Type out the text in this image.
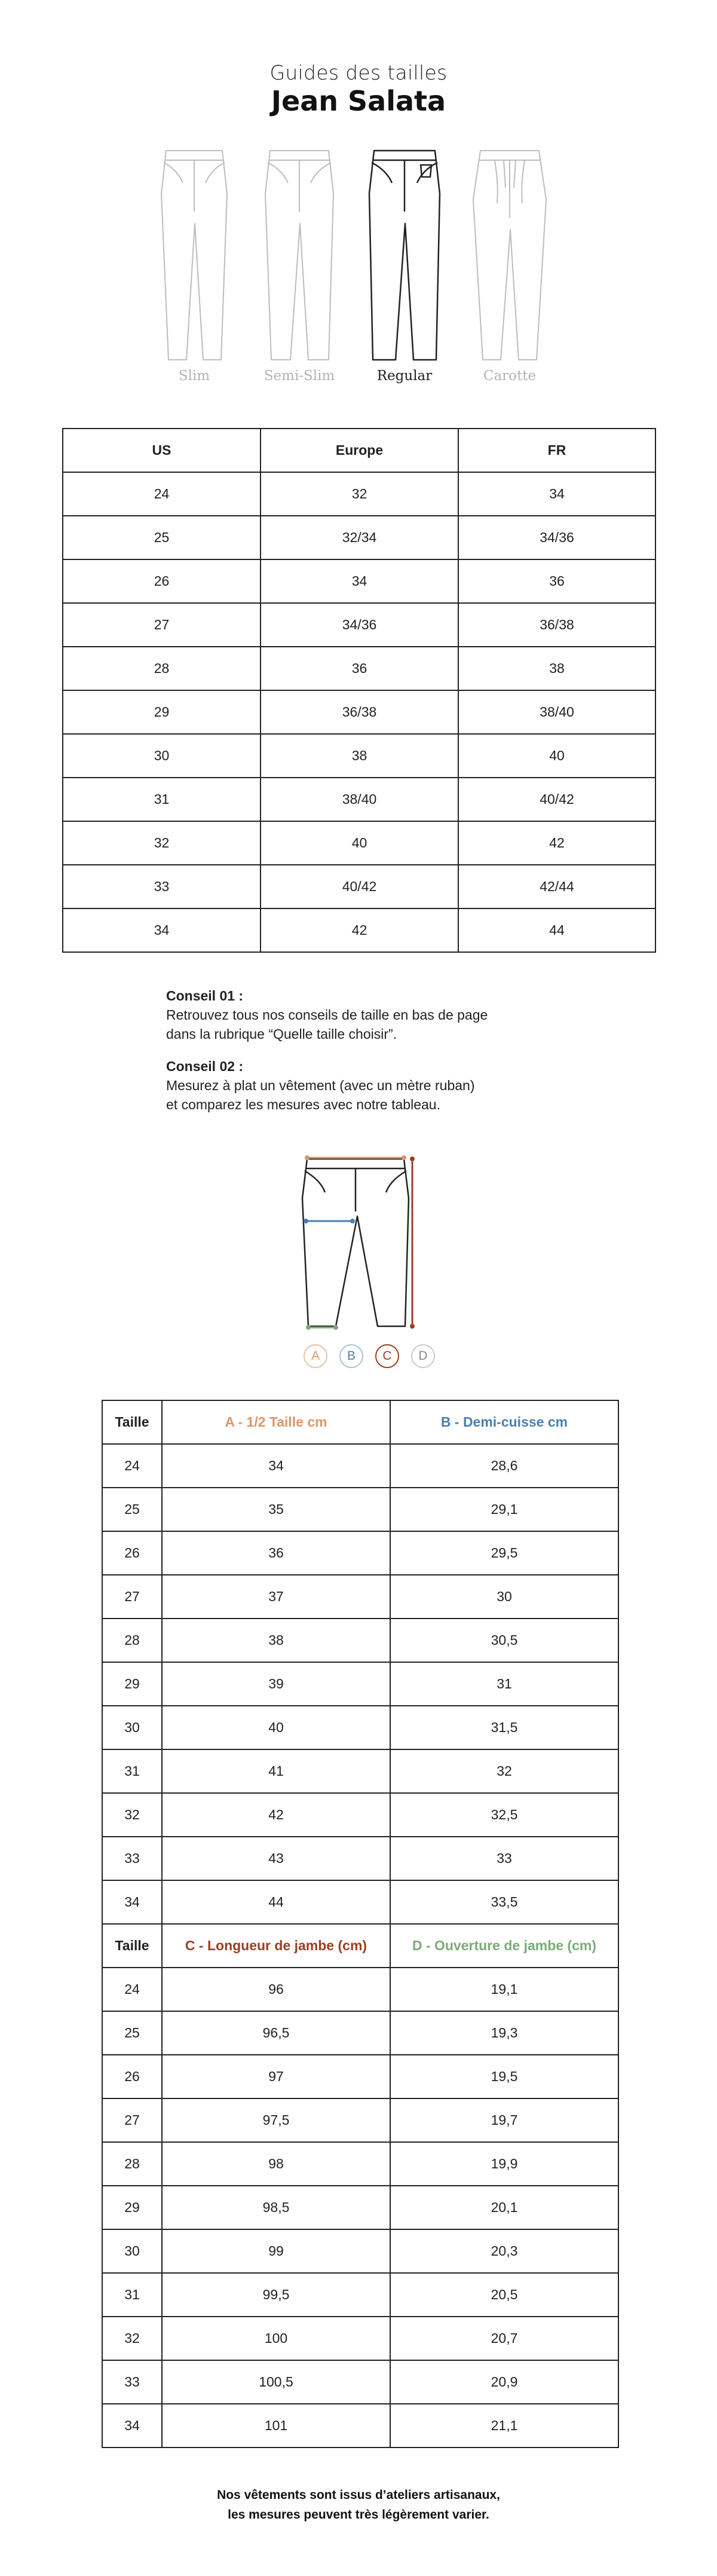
Guides des tailles
Jean Salata
Slim	Semi-Slim	Regular	Carotte
US	Europe	FR
24	32	34
25	32/34	34/36
26	34	36
27	34/36	36/38
28	36	38
29	36/38	38/40
30	38	40
31	38/40	40/42
32	40	42
33	40/42	42/44
34	42	44
Conseil 01 :
Retrouvez tous nos conseils de taille en bas de page
dans la rubrique “Quelle taille choisir”.
Conseil 02 :
Mesurez à plat un vêtement (avec un mètre ruban)
et comparez les mesures avec notre tableau.
A	B	C	D
Taille	A - 1/2 Taille cm	B - Demi-cuisse cm
24	34	28,6
25	35	29,1
26	36	29,5
27	37	30
28	38	30,5
29	39	31
30	40	31,5
31	41	32
32	42	32,5
33	43	33
34	44	33,5
Taille	C - Longueur de jambe (cm)	D - Ouverture de jambe (cm)
24	96	19,1
25	96,5	19,3
26	97	19,5
27	97,5	19,7
28	98	19,9
29	98,5	20,1
30	99	20,3
31	99,5	20,5
32	100	20,7
33	100,5	20,9
34	101	21,1
Nos vêtements sont issus d’ateliers artisanaux,
les mesures peuvent très légèrement varier.
